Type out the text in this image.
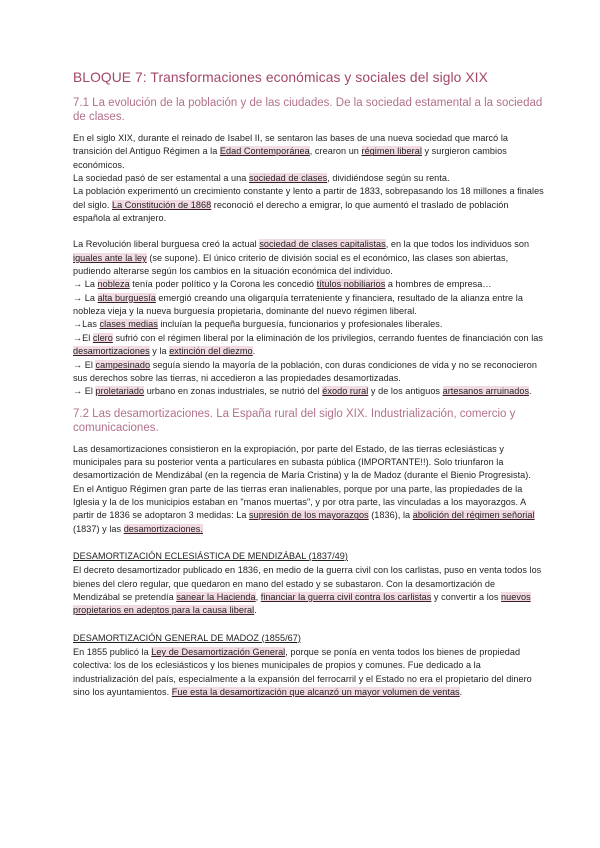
BLOQUE 7: Transformaciones económicas y sociales del siglo XIX
7.1 La evolución de la población y de las ciudades. De la sociedad estamental a la sociedad de clases.

En el siglo XIX, durante el reinado de Isabel II, se sentaron las bases de una nueva sociedad que marcó la transición del Antiguo Régimen a la Edad Contemporánea, crearon un régimen liberal y surgieron cambios económicos.

La sociedad pasó de ser estamental a una sociedad de clases, dividiéndose según su renta.

La población experimentó un crecimiento constante y lento a partir de 1833, sobrepasando los 18 millones a finales del siglo. La Constitución de 1868 reconoció el derecho a emigrar, lo que aumentó el traslado de población española al extranjero.

La Revolución liberal burguesa creó la actual sociedad de clases capitalistas, en la que todos los individuos son iguales ante la ley (se supone). El único criterio de división social es el económico, las clases son abiertas, pudiendo alterarse según los cambios en la situación económica del individuo.

→ La nobleza tenía poder político y la Corona les concedió títulos nobiliarios a hombres de empresa…

→ La alta burguesía emergió creando una oligarquía terrateniente y financiera, resultado de la alianza entre la nobleza vieja y la nueva burguesía propietaria, dominante del nuevo régimen liberal.

→Las clases medias incluían la pequeña burguesía, funcionarios y profesionales liberales.

→El clero sufrió con el régimen liberal por la eliminación de los privilegios, cerrando fuentes de financiación con las desamortizaciones y la extinción del diezmo.

→ El campesinado seguía siendo la mayoría de la población, con duras condiciones de vida y no se reconocieron sus derechos sobre las tierras, ni accedieron a las propiedades desamortizadas.

→ El proletariado urbano en zonas industriales, se nutrió del éxodo rural y de los antiguos artesanos arruinados.

7.2 Las desamortizaciones. La España rural del siglo XIX. Industrialización, comercio y comunicaciones.

Las desamortizaciones consistieron en la expropiación, por parte del Estado, de las tierras eclesiásticas y municipales para su posterior venta a particulares en subasta pública (IMPORTANTE!!). Solo triunfaron la desamortización de Mendizábal (en la regencia de María Cristina) y la de Madoz (durante el Bienio Progresista).

En el Antiguo Régimen gran parte de las tierras eran inalienables, porque por una parte, las propiedades de la Iglesia y la de los municipios estaban en "manos muertas", y por otra parte, las vinculadas a los mayorazgos. A partir de 1836 se adoptaron 3 medidas: La supresión de los mayorazgos (1836), la abolición del régimen señorial (1837) y las desamortizaciones.

DESAMORTIZACIÓN ECLESIÁSTICA DE MENDIZÁBAL (1837/49)

El decreto desamortizador publicado en 1836, en medio de la guerra civil con los carlistas, puso en venta todos los bienes del clero regular, que quedaron en mano del estado y se subastaron. Con la desamortización de Mendizábal se pretendía sanear la Hacienda, financiar la guerra civil contra los carlistas y convertir a los nuevos propietarios en adeptos para la causa liberal.

DESAMORTIZACIÓN GENERAL DE MADOZ (1855/67)

En 1855 publicó la Ley de Desamortización General, porque se ponía en venta todos los bienes de propiedad colectiva: los de los eclesiásticos y los bienes municipales de propios y comunes. Fue dedicado a la industrialización del país, especialmente a la expansión del ferrocarril y el Estado no era el propietario del dinero sino los ayuntamientos. Fue esta la desamortización que alcanzó un mayor volumen de ventas.
